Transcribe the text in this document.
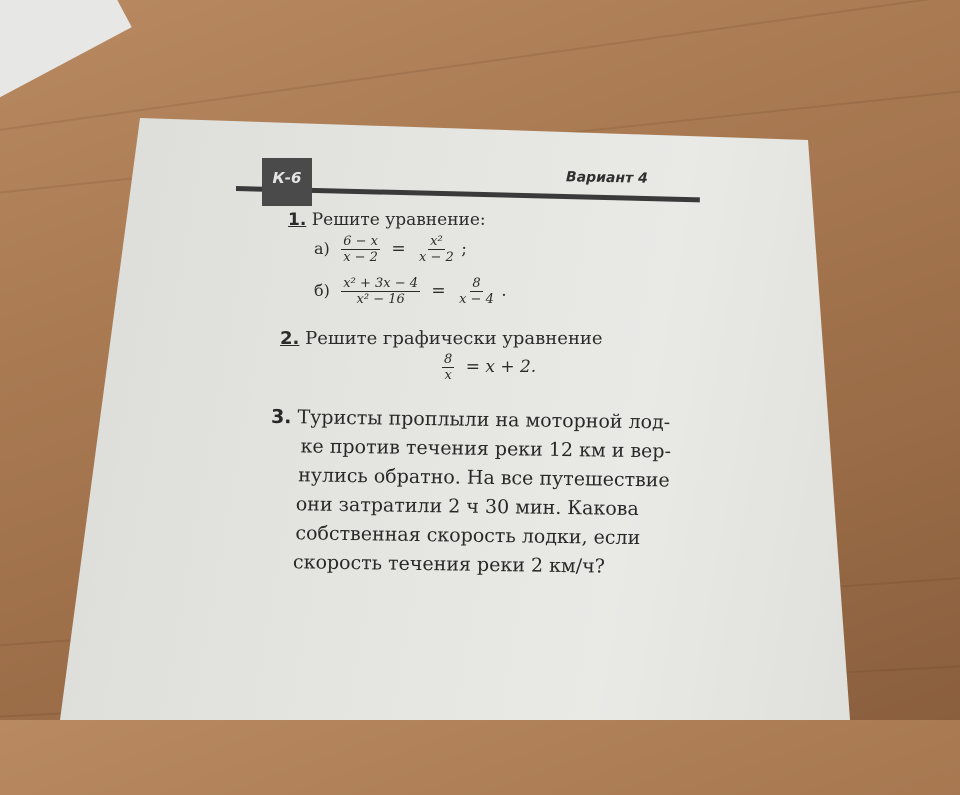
К-6	Вариант 4
1. Решите уравнение:
$а) \frac{6 - x}{x - 2} = \frac{\text{x²}}{x - 2}$ ;
$б) \frac{\text{x² + 3x − 4}}{\text{x² − 16}} = \frac{8}{x - 4}$ .
2. Решите графически уравнение
$\frac{8}{x} = x + 2$.
3. Туристы проплыли на моторной лод-
ке против течения реки 12 км и вер-
нулись обратно. На все путешествие
они затратили 2 ч 30 мин. Какова
собственная скорость лодки, если
скорость течения реки 2 км/ч?
